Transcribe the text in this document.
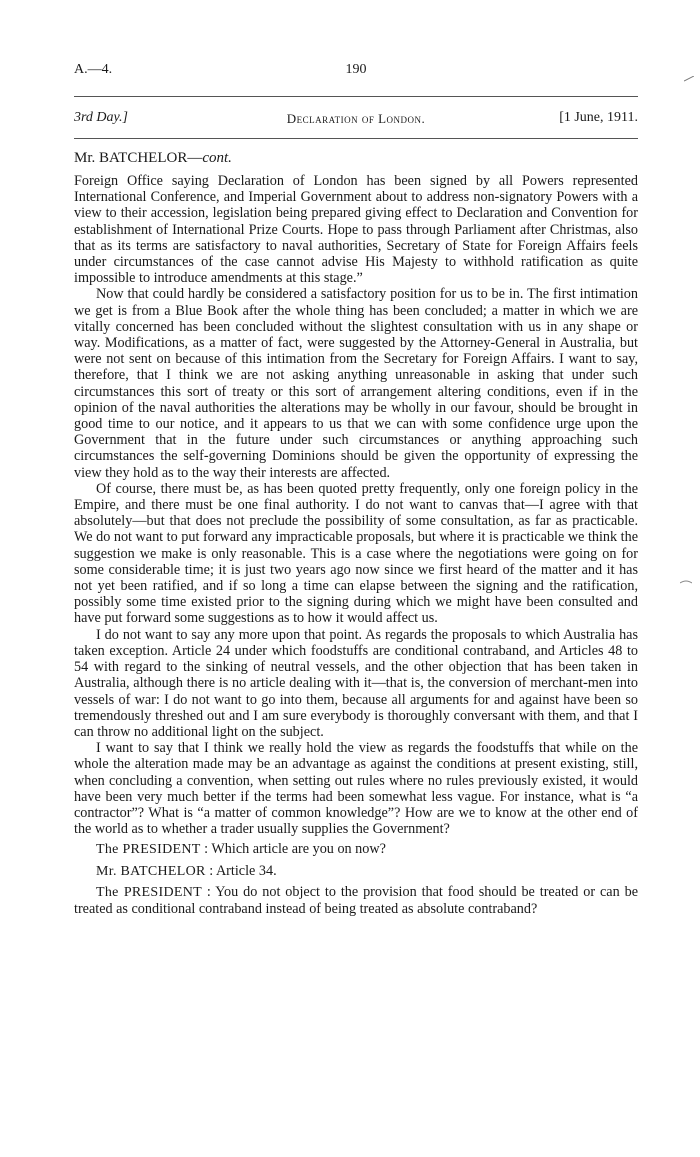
A.—4.	190
3rd Day.]	Declaration of London.	[1 June, 1911.
Mr. BATCHELOR—cont.

Foreign Office saying Declaration of London has been signed by all Powers represented International Conference, and Imperial Government about to address non-signatory Powers with a view to their accession, legislation being prepared giving effect to Declaration and Convention for establishment of International Prize Courts. Hope to pass through Parliament after Christmas, also that as its terms are satisfactory to naval authorities, Secretary of State for Foreign Affairs feels under circumstances of the case cannot advise His Majesty to withhold ratification as quite impossible to introduce amendments at this stage.”

Now that could hardly be considered a satisfactory position for us to be in. The first intimation we get is from a Blue Book after the whole thing has been concluded; a matter in which we are vitally concerned has been concluded without the slightest consultation with us in any shape or way. Modifications, as a matter of fact, were suggested by the Attorney-General in Australia, but were not sent on because of this intimation from the Secretary for Foreign Affairs. I want to say, therefore, that I think we are not asking anything unreasonable in asking that under such circumstances this sort of treaty or this sort of arrangement altering conditions, even if in the opinion of the naval authorities the alterations may be wholly in our favour, should be brought in good time to our notice, and it appears to us that we can with some confidence urge upon the Government that in the future under such circumstances or anything approaching such circumstances the self-governing Dominions should be given the opportunity of expressing the view they hold as to the way their interests are affected.

Of course, there must be, as has been quoted pretty frequently, only one foreign policy in the Empire, and there must be one final authority. I do not want to canvas that—I agree with that absolutely—but that does not preclude the possibility of some consultation, as far as practicable. We do not want to put forward any impracticable proposals, but where it is practicable we think the suggestion we make is only reasonable. This is a case where the negotiations were going on for some considerable time; it is just two years ago now since we first heard of the matter and it has not yet been ratified, and if so long a time can elapse between the signing and the ratification, possibly some time existed prior to the signing during which we might have been consulted and have put forward some suggestions as to how it would affect us.

I do not want to say any more upon that point. As regards the proposals to which Australia has taken exception. Article 24 under which foodstuffs are conditional contraband, and Articles 48 to 54 with regard to the sinking of neutral vessels, and the other objection that has been taken in Australia, although there is no article dealing with it—that is, the conversion of merchant-men into vessels of war: I do not want to go into them, because all arguments for and against have been so tremendously threshed out and I am sure everybody is thoroughly conversant with them, and that I can throw no additional light on the subject.

I want to say that I think we really hold the view as regards the foodstuffs that while on the whole the alteration made may be an advantage as against the conditions at present existing, still, when concluding a convention, when setting out rules where no rules previously existed, it would have been very much better if the terms had been somewhat less vague. For instance, what is “a contractor”? What is “a matter of common knowledge”? How are we to know at the other end of the world as to whether a trader usually supplies the Government?

The PRESIDENT : Which article are you on now?

Mr. BATCHELOR : Article 34.

The PRESIDENT : You do not object to the provision that food should be treated or can be treated as conditional contraband instead of being treated as absolute contraband?
